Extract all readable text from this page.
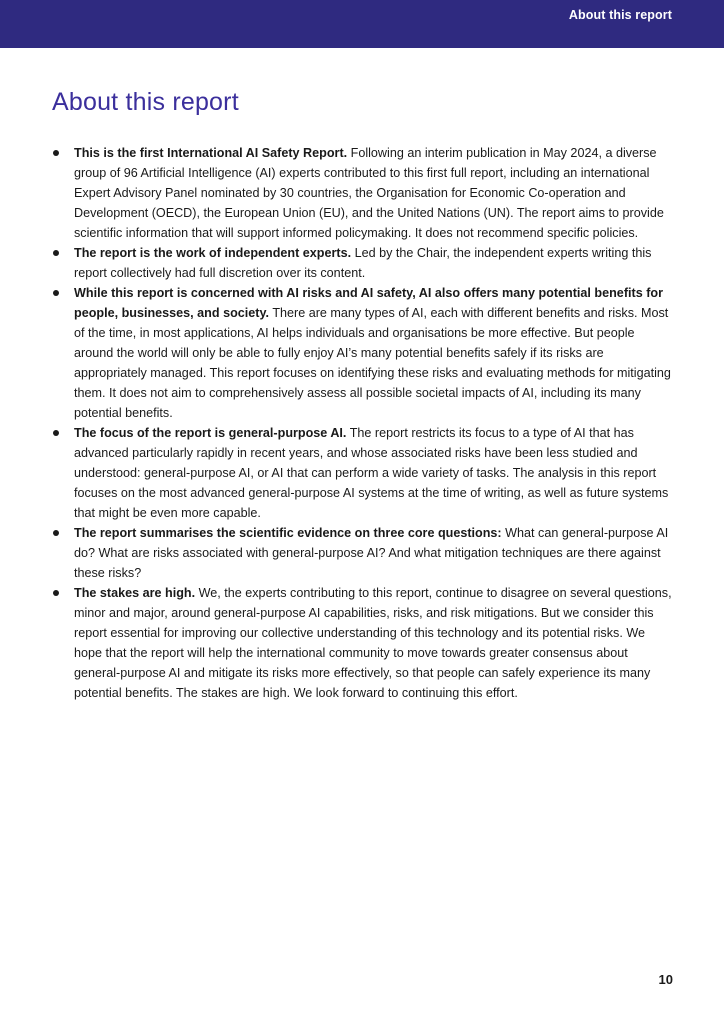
About this report
About this report
This is the first International AI Safety Report. Following an interim publication in May 2024, a diverse group of 96 Artificial Intelligence (AI) experts contributed to this first full report, including an international Expert Advisory Panel nominated by 30 countries, the Organisation for Economic Co-operation and Development (OECD), the European Union (EU), and the United Nations (UN). The report aims to provide scientific information that will support informed policymaking. It does not recommend specific policies.
The report is the work of independent experts. Led by the Chair, the independent experts writing this report collectively had full discretion over its content.
While this report is concerned with AI risks and AI safety, AI also offers many potential benefits for people, businesses, and society. There are many types of AI, each with different benefits and risks. Most of the time, in most applications, AI helps individuals and organisations be more effective. But people around the world will only be able to fully enjoy AI’s many potential benefits safely if its risks are appropriately managed. This report focuses on identifying these risks and evaluating methods for mitigating them. It does not aim to comprehensively assess all possible societal impacts of AI, including its many potential benefits.
The focus of the report is general-purpose AI. The report restricts its focus to a type of AI that has advanced particularly rapidly in recent years, and whose associated risks have been less studied and understood: general-purpose AI, or AI that can perform a wide variety of tasks. The analysis in this report focuses on the most advanced general-purpose AI systems at the time of writing, as well as future systems that might be even more capable.
The report summarises the scientific evidence on three core questions: What can general-purpose AI do? What are risks associated with general-purpose AI? And what mitigation techniques are there against these risks?
The stakes are high. We, the experts contributing to this report, continue to disagree on several questions, minor and major, around general-purpose AI capabilities, risks, and risk mitigations. But we consider this report essential for improving our collective understanding of this technology and its potential risks. We hope that the report will help the international community to move towards greater consensus about general-purpose AI and mitigate its risks more effectively, so that people can safely experience its many potential benefits. The stakes are high. We look forward to continuing this effort.
10
